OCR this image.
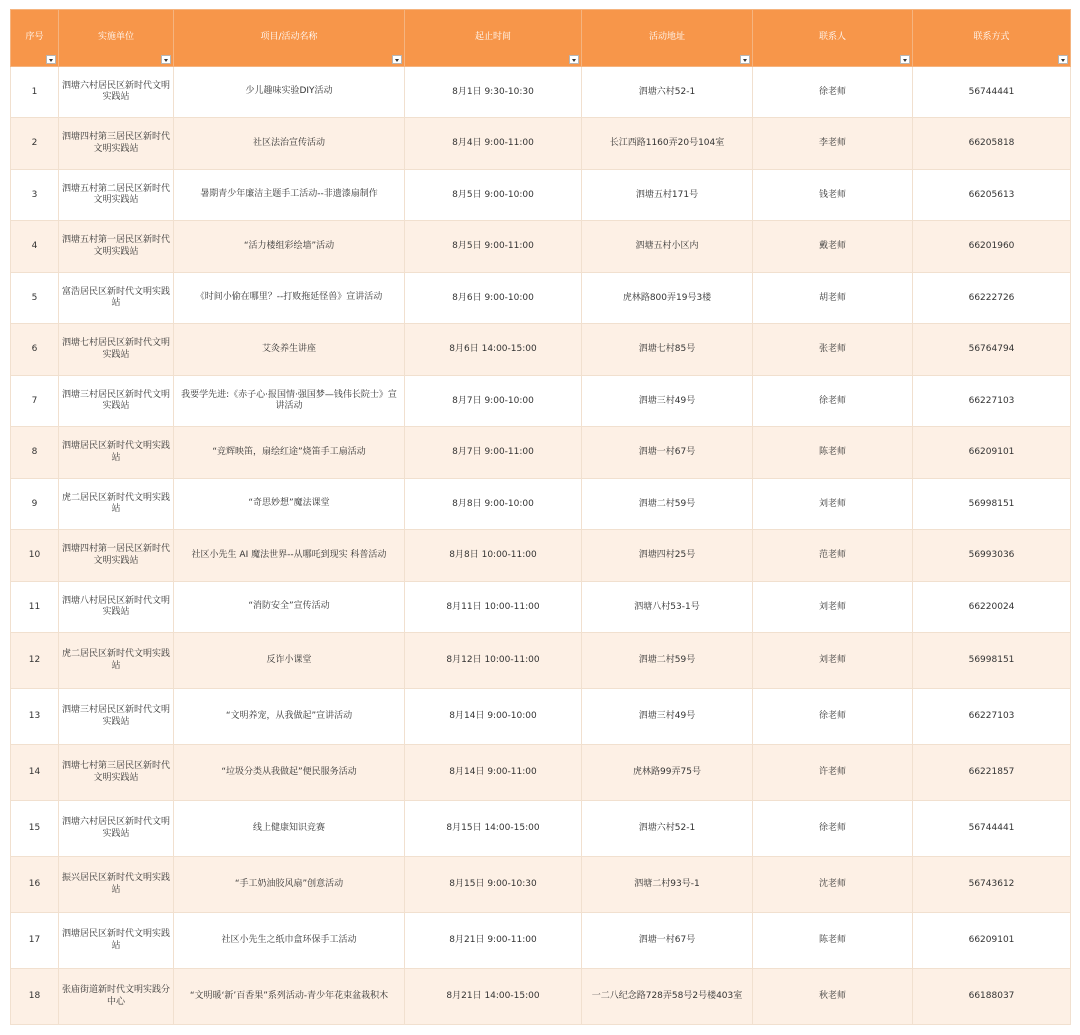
序号	实施单位	项目/活动名称	起止时间	活动地址	联系人	联系方式

1	泗塘六村居民区新时代文明实践站	少儿趣味实验DIY活动	8月1日 9:30-10:30	泗塘六村52-1	徐老师	56744441
2	泗塘四村第三居民区新时代文明实践站	社区法治宣传活动	8月4日 9:00-11:00	长江西路1160弄20号104室	李老师	66205818
3	泗塘五村第二居民区新时代文明实践站	暑期青少年廉洁主题手工活动--非遗漆扇制作	8月5日 9:00-10:00	泗塘五村171号	钱老师	66205613
4	泗塘五村第一居民区新时代文明实践站	“活力楼组彩绘墙”活动	8月5日 9:00-11:00	泗塘五村小区内	戴老师	66201960
5	富浩居民区新时代文明实践站	《时间小偷在哪里？--打败拖延怪兽》宣讲活动	8月6日 9:00-10:00	虎林路800弄19号3楼	胡老师	66222726
6	泗塘七村居民区新时代文明实践站	艾灸养生讲座	8月6日 14:00-15:00	泗塘七村85号	张老师	56764794
7	泗塘三村居民区新时代文明实践站	我要学先进:《赤子心·报国情·强国梦—钱伟长院士》宣讲活动	8月7日 9:00-10:00	泗塘三村49号	徐老师	66227103
8	泗塘居民区新时代文明实践站	“竞辉映笛，扇绘红途”烧笛手工扇活动	8月7日 9:00-11:00	泗塘一村67号	陈老师	66209101
9	虎二居民区新时代文明实践站	“奇思妙想”魔法课堂	8月8日 9:00-10:00	泗塘二村59号	刘老师	56998151
10	泗塘四村第一居民区新时代文明实践站	社区小先生 AI 魔法世界--从哪吒到现实 科普活动	8月8日 10:00-11:00	泗塘四村25号	范老师	56993036
11	泗塘八村居民区新时代文明实践站	“消防安全”宣传活动	8月11日 10:00-11:00	泗塘八村53-1号	刘老师	66220024
12	虎二居民区新时代文明实践站	反诈小课堂	8月12日 10:00-11:00	泗塘二村59号	刘老师	56998151
13	泗塘三村居民区新时代文明实践站	“文明养宠，从我做起”宣讲活动	8月14日 9:00-10:00	泗塘三村49号	徐老师	66227103
14	泗塘七村第三居民区新时代文明实践站	“垃圾分类从我做起”便民服务活动	8月14日 9:00-11:00	虎林路99弄75号	许老师	66221857
15	泗塘六村居民区新时代文明实践站	线上健康知识竞赛	8月15日 14:00-15:00	泗塘六村52-1	徐老师	56744441
16	振兴居民区新时代文明实践站	“手工奶油胶风扇”创意活动	8月15日 9:00-10:30	泗塘二村93号-1	沈老师	56743612
17	泗塘居民区新时代文明实践站	社区小先生之纸巾盒环保手工活动	8月21日 9:00-11:00	泗塘一村67号	陈老师	66209101
18	张庙街道新时代文明实践分中心	“文明暖‘新’百香果”系列活动-青少年花束盆栽积木	8月21日 14:00-15:00	一二八纪念路728弄58号2号楼403室	秋老师	66188037
